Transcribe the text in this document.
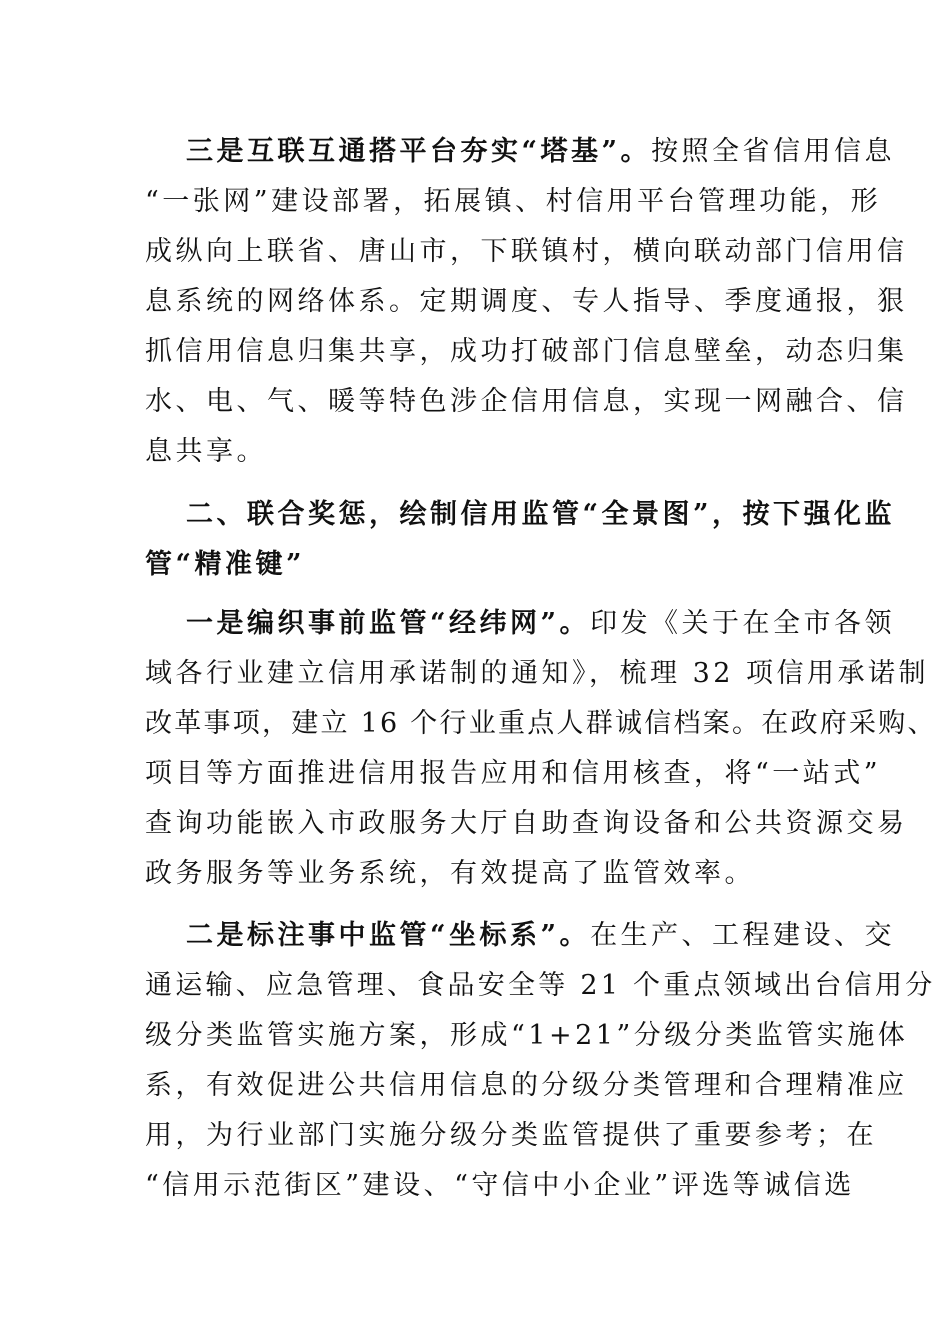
三是互联互通搭平台夯实“塔基”。按照全省信用信息
“一张网”建设部署，拓展镇、村信用平台管理功能，形
成纵向上联省、唐山市，下联镇村，横向联动部门信用信
息系统的网络体系。定期调度、专人指导、季度通报，狠
抓信用信息归集共享，成功打破部门信息壁垒，动态归集
水、电、气、暖等特色涉企信用信息，实现一网融合、信
息共享。
二、联合奖惩，绘制信用监管“全景图”，按下强化监
管“精准键”
一是编织事前监管“经纬网”。印发《关于在全市各领
域各行业建立信用承诺制的通知》，梳理 32 项信用承诺制
改革事项，建立 16 个行业重点人群诚信档案。在政府采购、
项目等方面推进信用报告应用和信用核查，将“一站式”
查询功能嵌入市政服务大厅自助查询设备和公共资源交易
政务服务等业务系统，有效提高了监管效率。
二是标注事中监管“坐标系”。在生产、工程建设、交
通运输、应急管理、食品安全等 21 个重点领域出台信用分
级分类监管实施方案，形成“1+21”分级分类监管实施体
系，有效促进公共信用信息的分级分类管理和合理精准应
用，为行业部门实施分级分类监管提供了重要参考；在
“信用示范街区”建设、“守信中小企业”评选等诚信选
